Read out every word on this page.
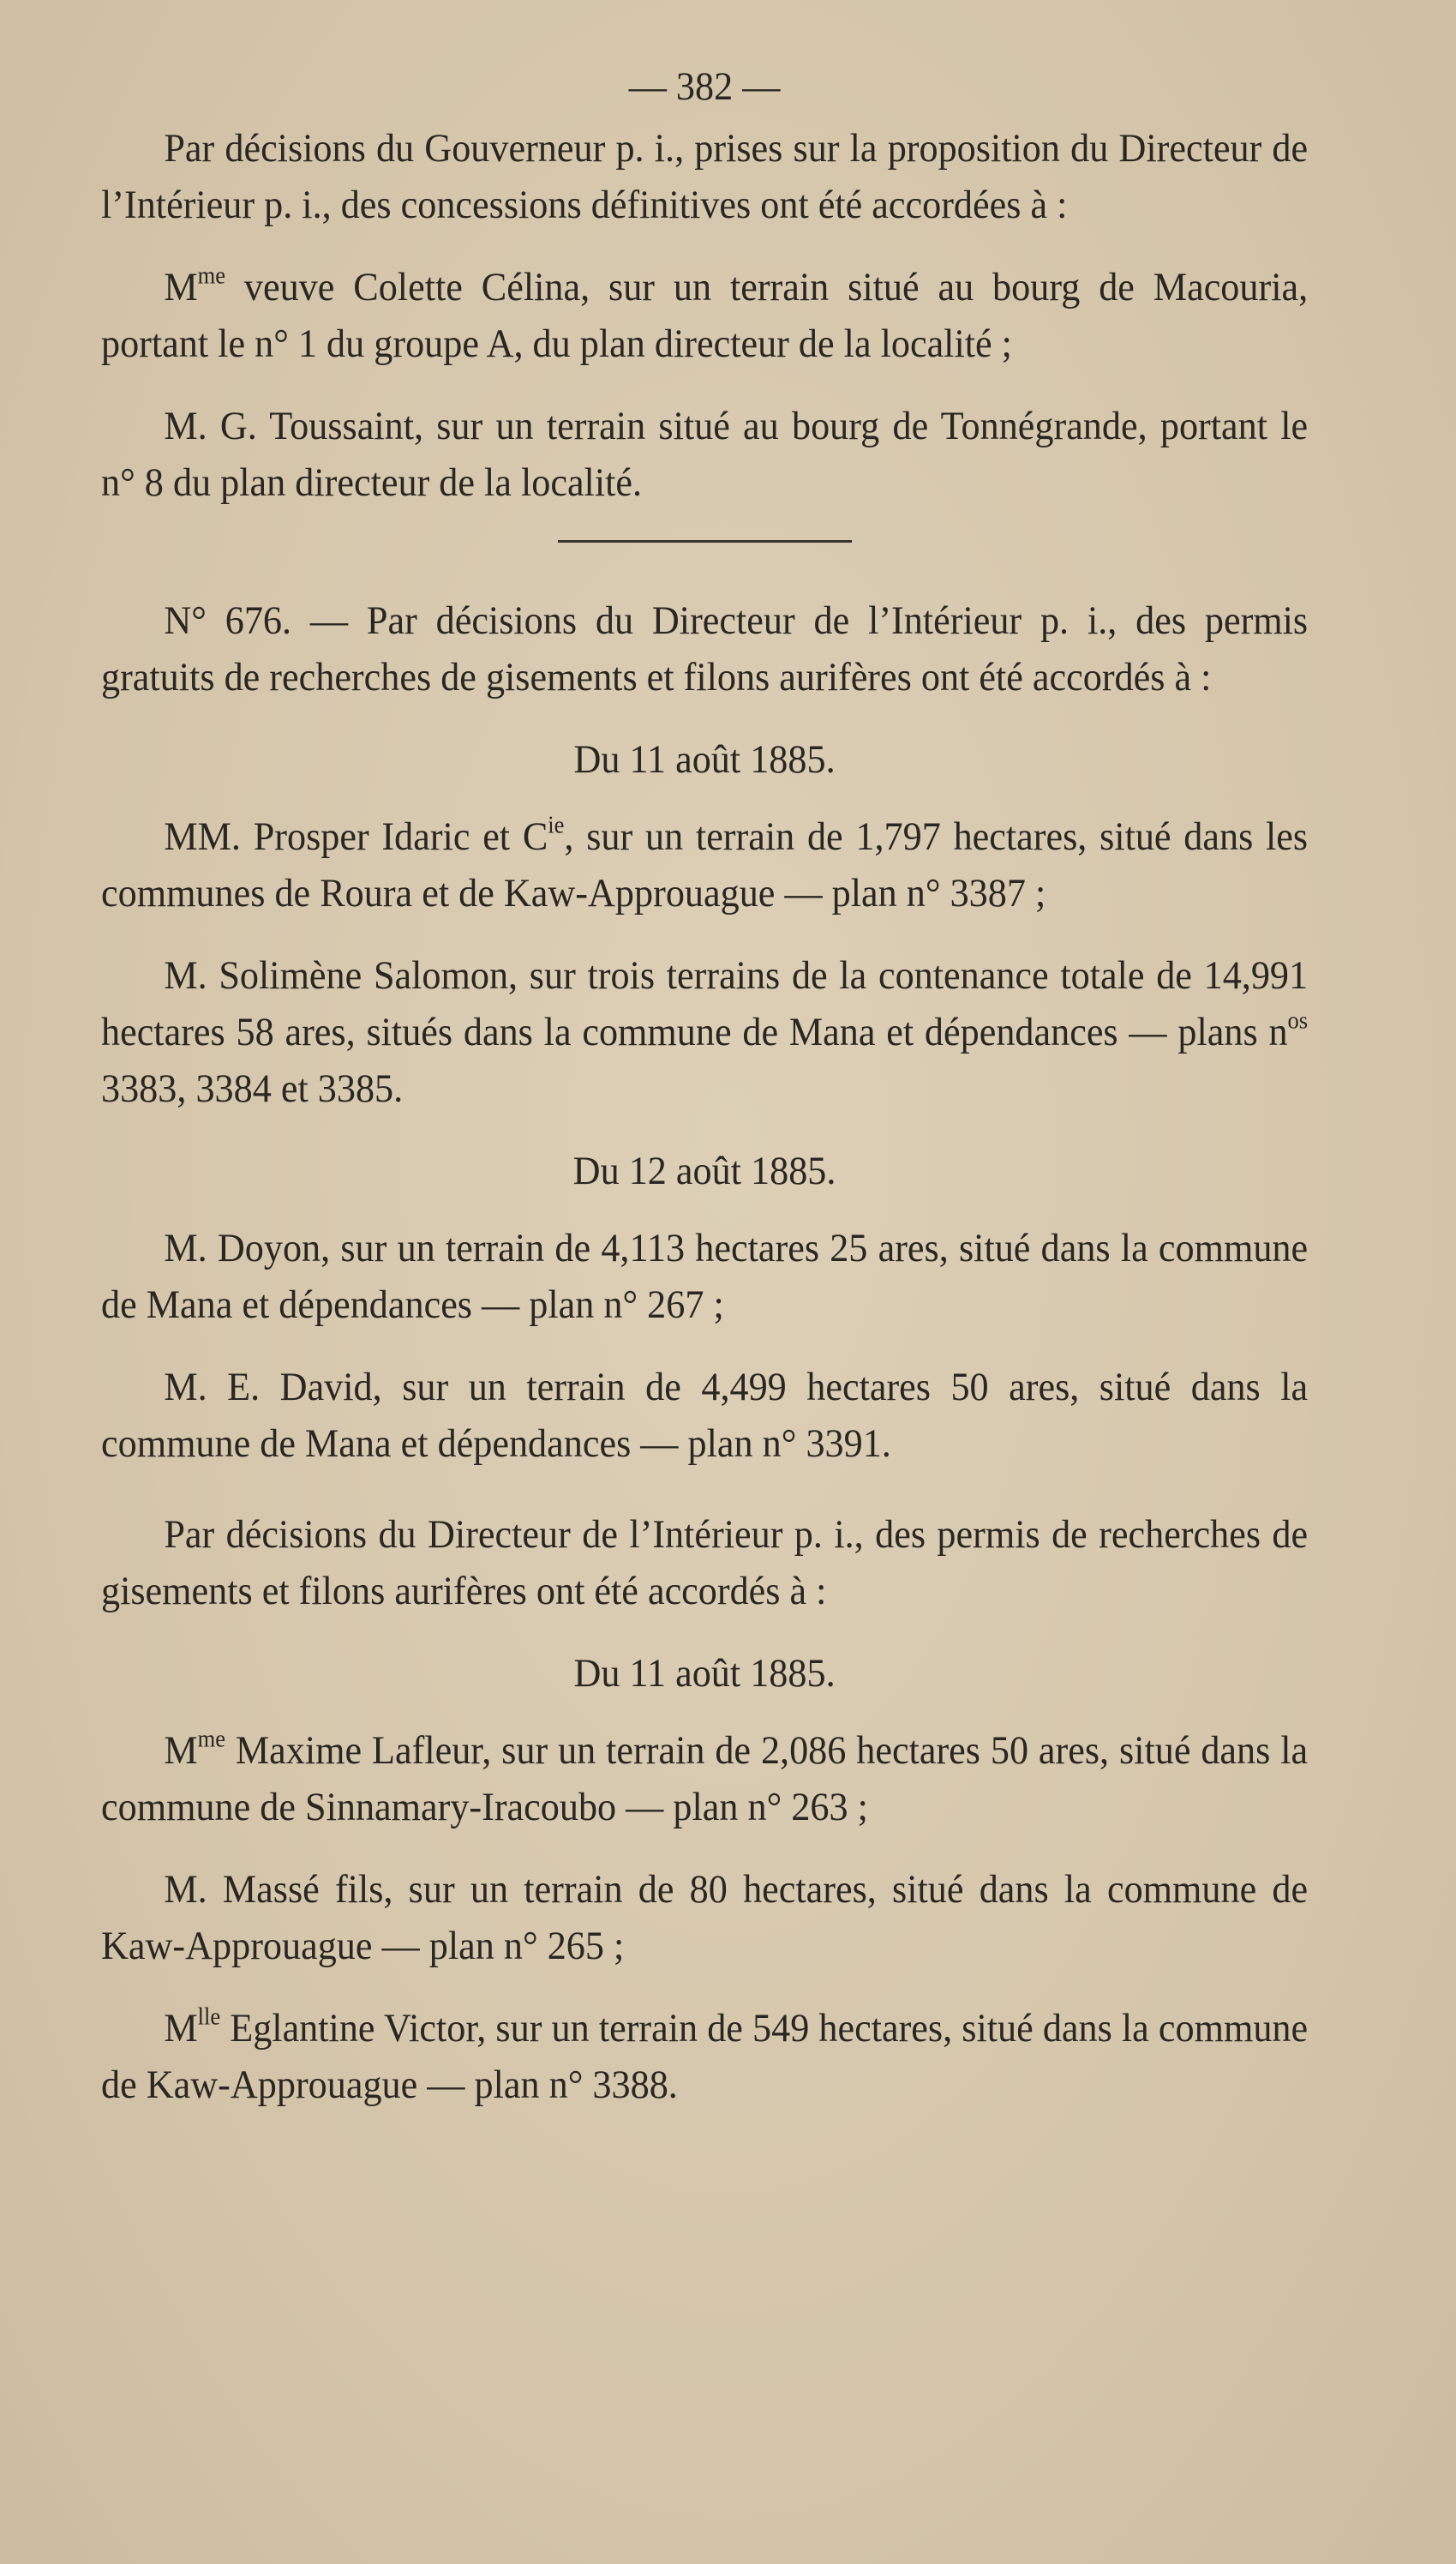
— 382 —

Par décisions du Gouverneur p. i., prises sur la proposition du Directeur de l’Intérieur p. i., des concessions définitives ont été accordées à :

$M^{me}$ veuve Colette Célina, sur un terrain situé au bourg de Macouria, portant le n° 1 du groupe A, du plan directeur de la localité ;

M. G. Toussaint, sur un terrain situé au bourg de Tonnégrande, portant le n° 8 du plan directeur de la localité.

N° 676. — Par décisions du Directeur de l’Intérieur p. i., des permis gratuits de recherches de gisements et filons aurifères ont été accordés à :

Du 11 août 1885.

MM. Prosper Idaric et $C^{ie}$, sur un terrain de 1,797 hectares, situé dans les communes de Roura et de Kaw-Approuague — plan n° 3387 ;

M. Solimène Salomon, sur trois terrains de la contenance totale de 14,991 hectares 58 ares, situés dans la commune de Mana et dépendances — plans $n^{os}$ 3383, 3384 et 3385.

Du 12 août 1885.

M. Doyon, sur un terrain de 4,113 hectares 25 ares, situé dans la commune de Mana et dépendances — plan n° 267 ;

M. E. David, sur un terrain de 4,499 hectares 50 ares, situé dans la commune de Mana et dépendances — plan n° 3391.

Par décisions du Directeur de l’Intérieur p. i., des permis de recherches de gisements et filons aurifères ont été accordés à :

Du 11 août 1885.

$M^{me}$ Maxime Lafleur, sur un terrain de 2,086 hectares 50 ares, situé dans la commune de Sinnamary-Iracoubo — plan n° 263 ;

M. Massé fils, sur un terrain de 80 hectares, situé dans la commune de Kaw-Approuague — plan n° 265 ;

$M^{lle}$ Eglantine Victor, sur un terrain de 549 hectares, situé dans la commune de Kaw-Approuague — plan n° 3388.
